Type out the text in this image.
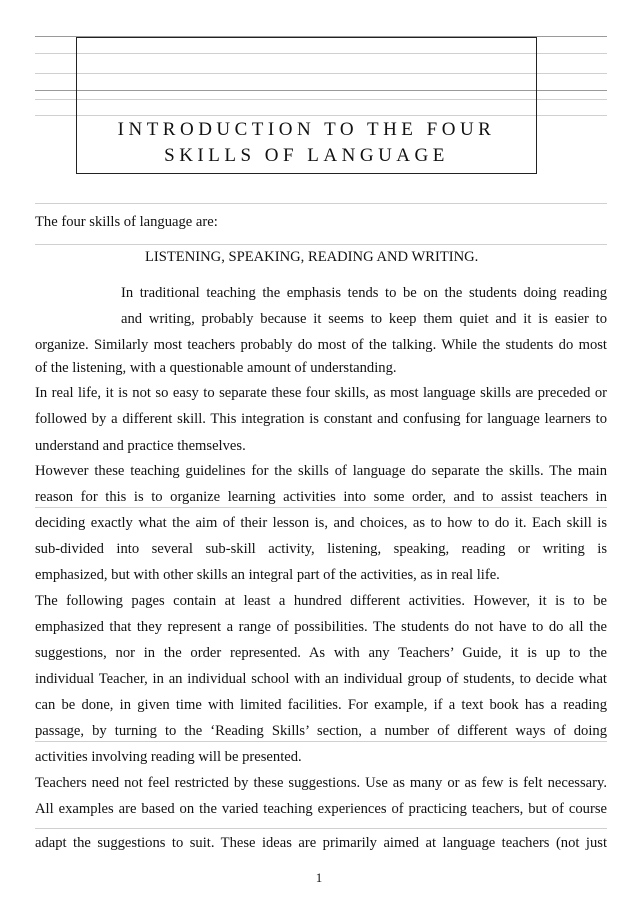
INTRODUCTION TO THE FOUR
SKILLS OF LANGUAGE
The four skills of language are:
LISTENING, SPEAKING, READING AND WRITING.
In traditional teaching the emphasis tends to be on the students doing reading
and writing, probably because it seems to keep them quiet and it is easier to
organize. Similarly most teachers probably do most of the talking. While the students do most
of the listening, with a questionable amount of understanding.
In real life, it is not so easy to separate these four skills, as most language skills are preceded or
followed by a different skill. This integration is constant and confusing for language learners to
understand and practice themselves.
However these teaching guidelines for the skills of language do separate the skills. The main
reason for this is to organize learning activities into some order, and to assist teachers in
deciding exactly what the aim of their lesson is, and choices, as to how to do it. Each skill is
sub-divided into several sub-skill activity, listening, speaking, reading or writing is
emphasized, but with other skills an integral part of the activities, as in real life.
The following pages contain at least a hundred different activities. However, it is to be
emphasized that they represent a range of possibilities. The students do not have to do all the
suggestions, nor in the order represented. As with any Teachers’ Guide, it is up to the
individual Teacher, in an individual school with an individual group of students, to decide what
can be done, in given time with limited facilities. For example, if a text book has a reading
passage, by turning to the ‘Reading Skills’ section, a number of different ways of doing
activities involving reading will be presented.
Teachers need not feel restricted by these suggestions. Use as many or as few is felt necessary.
All examples are based on the varied teaching experiences of practicing teachers, but of course
adapt the suggestions to suit. These ideas are primarily aimed at language teachers (not just
1
